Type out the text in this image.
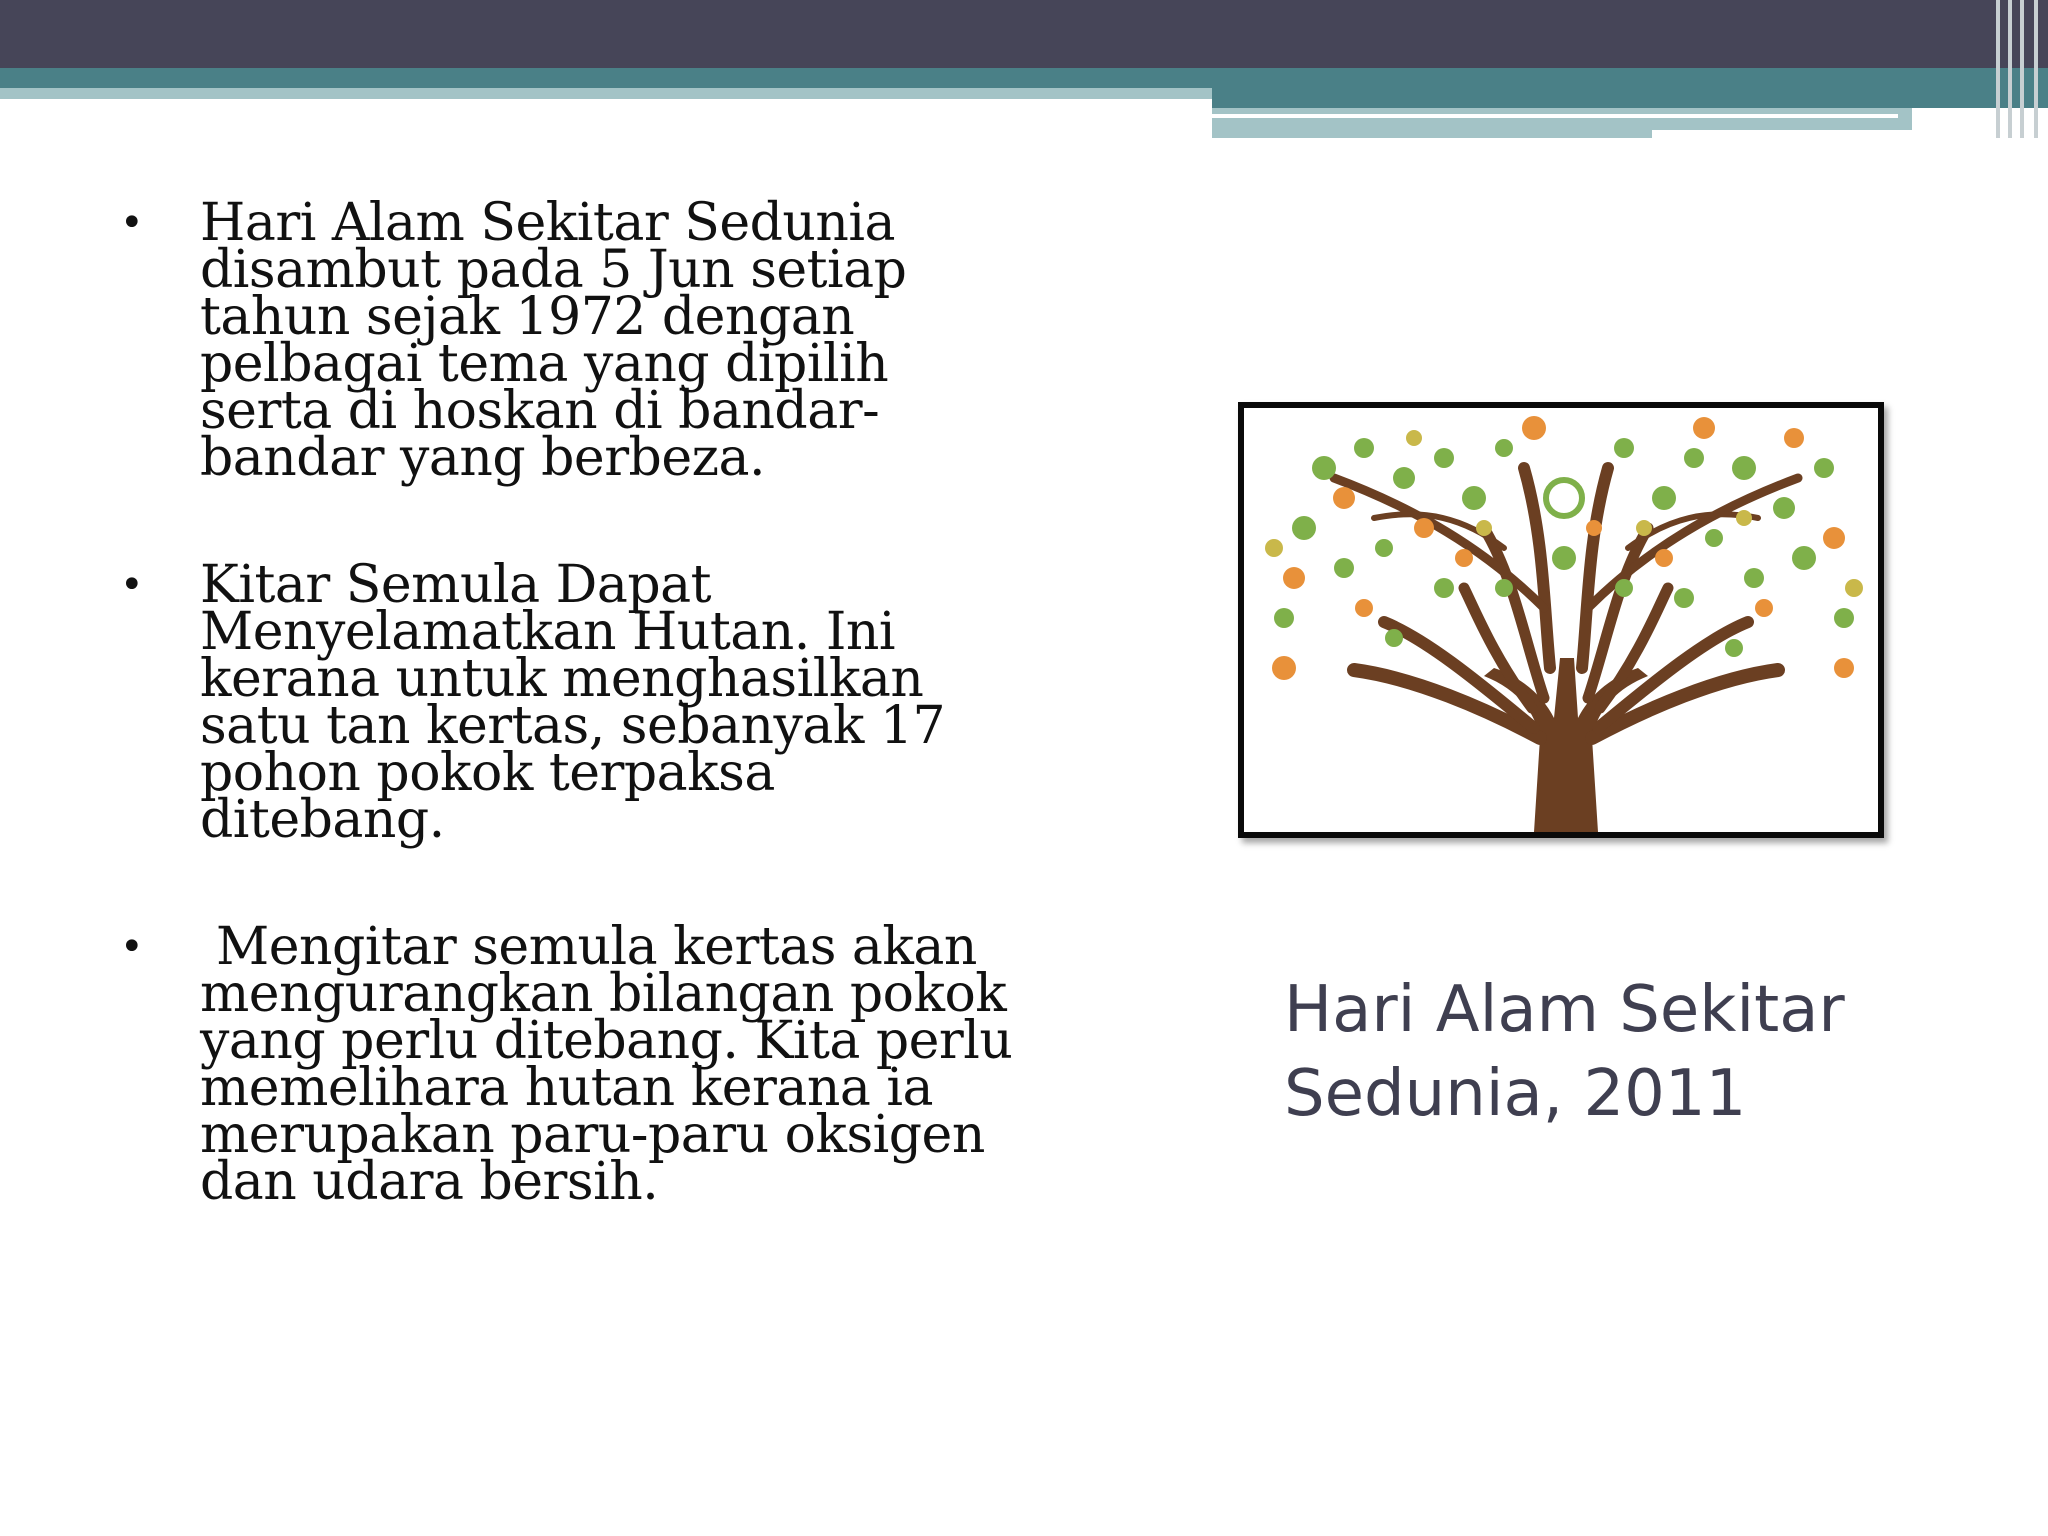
• Hari Alam Sekitar Sedunia disambut pada 5 Jun setiap tahun sejak 1972 dengan pelbagai tema yang dipilih serta di hoskan di bandar-bandar yang berbeza.
• Kitar Semula Dapat Menyelamatkan Hutan. Ini kerana untuk menghasilkan satu tan kertas, sebanyak 17 pohon pokok terpaksa ditebang.
• Mengitar semula kertas akan mengurangkan bilangan pokok yang perlu ditebang. Kita perlu memelihara hutan kerana ia merupakan paru-paru oksigen dan udara bersih.
Hari Alam Sekitar Sedunia, 2011
